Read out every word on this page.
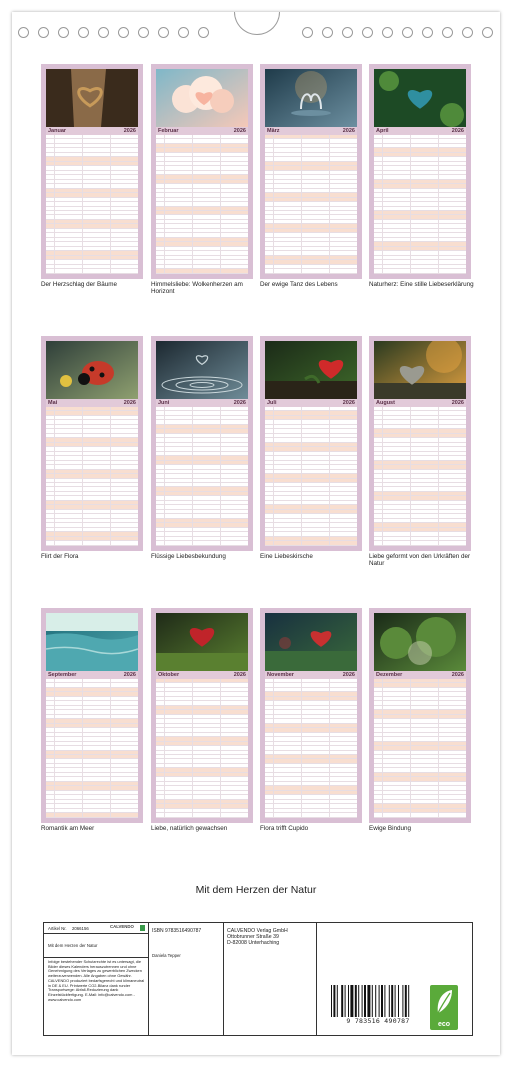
Januar	2026
Der Herzschlag der Bäume
Februar	2026
Himmelsliebe: Wolkenherzen am Horizont
März	2026
Der ewige Tanz des Lebens
April	2026
Naturherz: Eine stille Liebeserklärung
Mai	2026
Flirt der Flora
Juni	2026
Flüssige Liebesbekundung
Juli	2026
Eine Liebeskirsche
August	2026
Liebe geformt von den Urkräften der Natur
September	2026
Romantik am Meer
Oktober	2026
Liebe, natürlich gewachsen
November	2026
Flora trifft Cupido
Dezember	2026
Ewige Bindung
Mit dem Herzen der Natur
Artikel Nr. 2066156	CALVENDO
Mit dem Herzen der Natur
Infolge bestehender Schutzrechte ist es untersagt, die Bilder dieses Kalenders herauszutrennen und ohne Genehmigung des Verlages zu gewerblichen Zwecken weiterzuverwenden. Alle Angaben ohne Gewähr. CALVENDO produziert bedarfsgerecht und klimaneutral in DE & EU. Printwerte CO2-Bilanz dank runder Transportwege: Abfall-Reduzierung dank Einzelstückfertigung. E-Mail: info@calvendo.com - www.calvendo.com
ISBN 9783516490787
Daniela Tepper
CALVENDO Verlag GmbH
Ottobrunner Straße 39
D-82008 Unterhaching
9 783516 490787	eco
